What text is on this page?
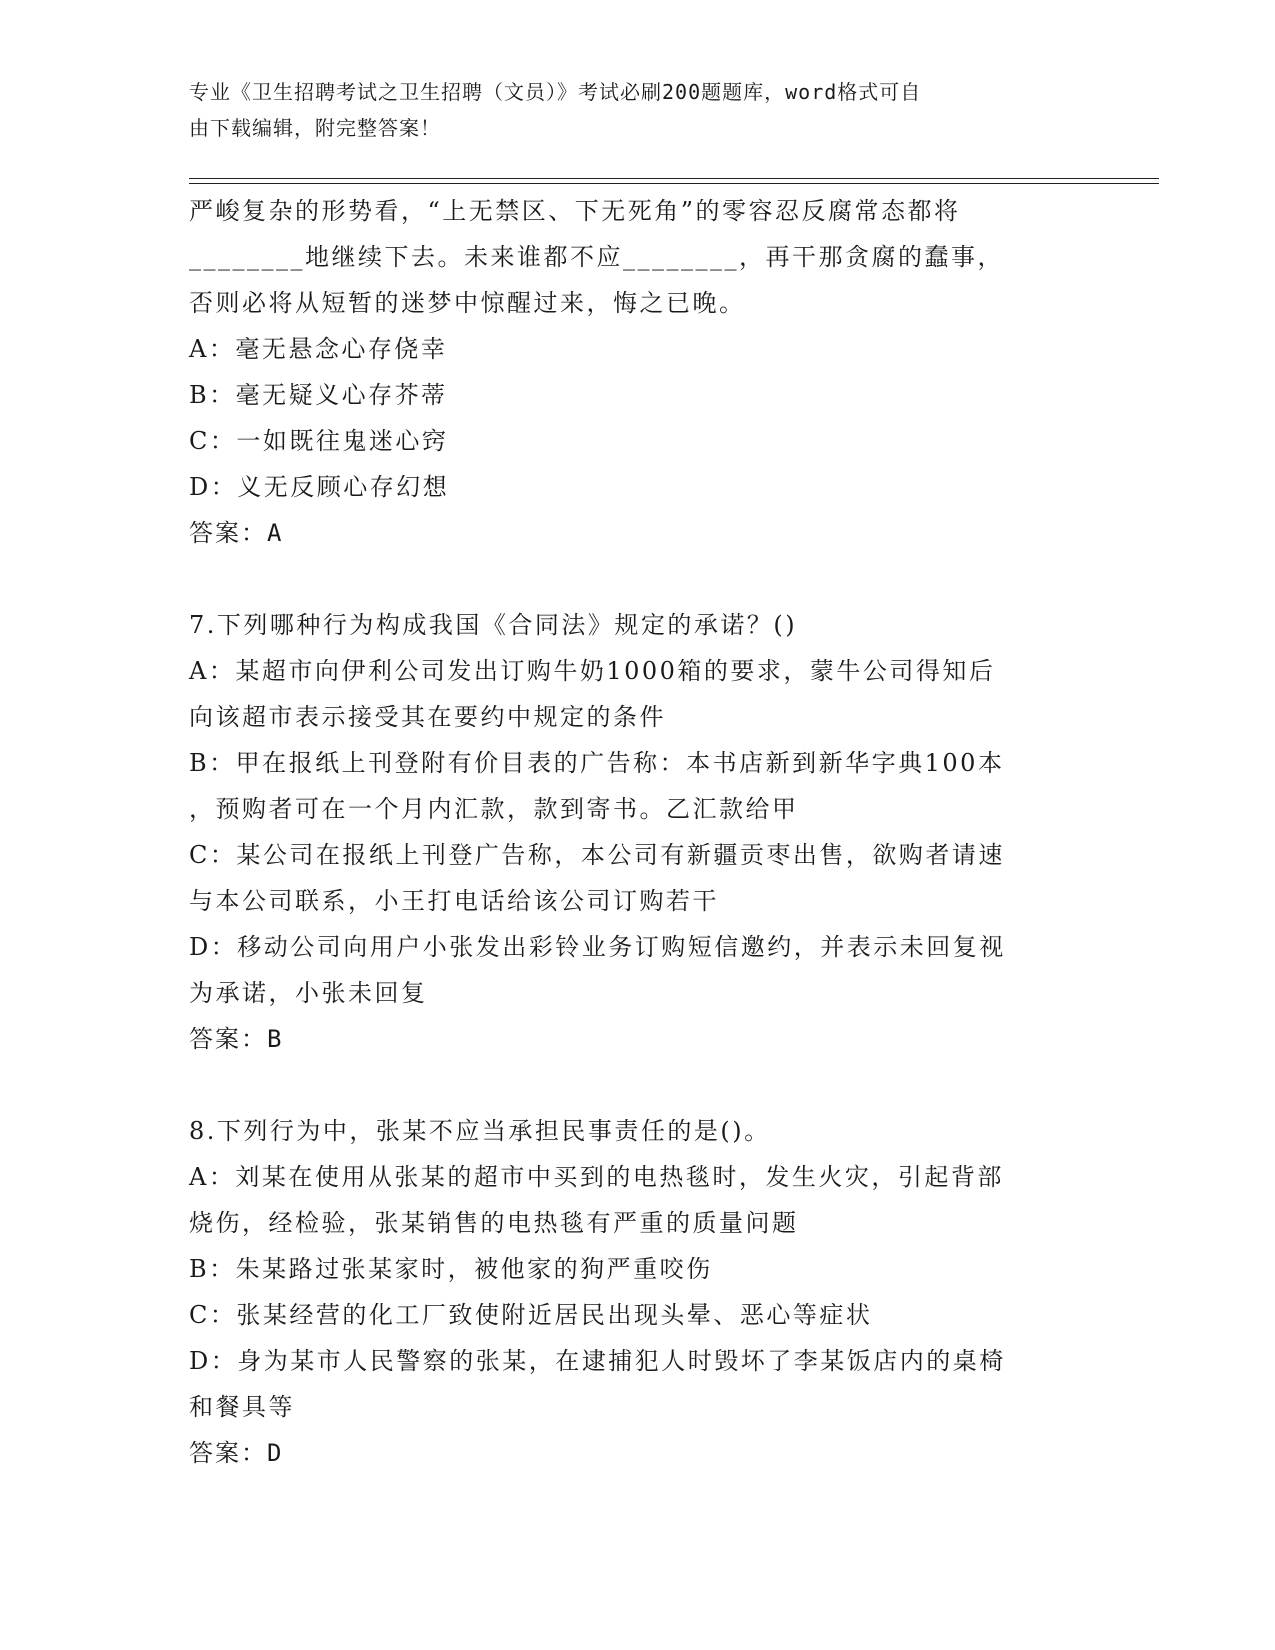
专业《卫生招聘考试之卫生招聘（文员）》考试必刷200题题库，word格式可自
由下载编辑，附完整答案！
严峻复杂的形势看，“上无禁区、下无死角”的零容忍反腐常态都将
________地继续下去。未来谁都不应________，再干那贪腐的蠢事，
否则必将从短暂的迷梦中惊醒过来，悔之已晚。
A：毫无悬念心存侥幸
B：毫无疑义心存芥蒂
C：一如既往鬼迷心窍
D：义无反顾心存幻想
答案：A
7.下列哪种行为构成我国《合同法》规定的承诺？()
A：某超市向伊利公司发出订购牛奶1000箱的要求，蒙牛公司得知后
向该超市表示接受其在要约中规定的条件
B：甲在报纸上刊登附有价目表的广告称：本书店新到新华字典100本
，预购者可在一个月内汇款，款到寄书。乙汇款给甲
C：某公司在报纸上刊登广告称，本公司有新疆贡枣出售，欲购者请速
与本公司联系，小王打电话给该公司订购若干
D：移动公司向用户小张发出彩铃业务订购短信邀约，并表示未回复视
为承诺，小张未回复
答案：B
8.下列行为中，张某不应当承担民事责任的是()。
A：刘某在使用从张某的超市中买到的电热毯时，发生火灾，引起背部
烧伤，经检验，张某销售的电热毯有严重的质量问题
B：朱某路过张某家时，被他家的狗严重咬伤
C：张某经营的化工厂致使附近居民出现头晕、恶心等症状
D：身为某市人民警察的张某，在逮捕犯人时毁坏了李某饭店内的桌椅
和餐具等
答案：D
